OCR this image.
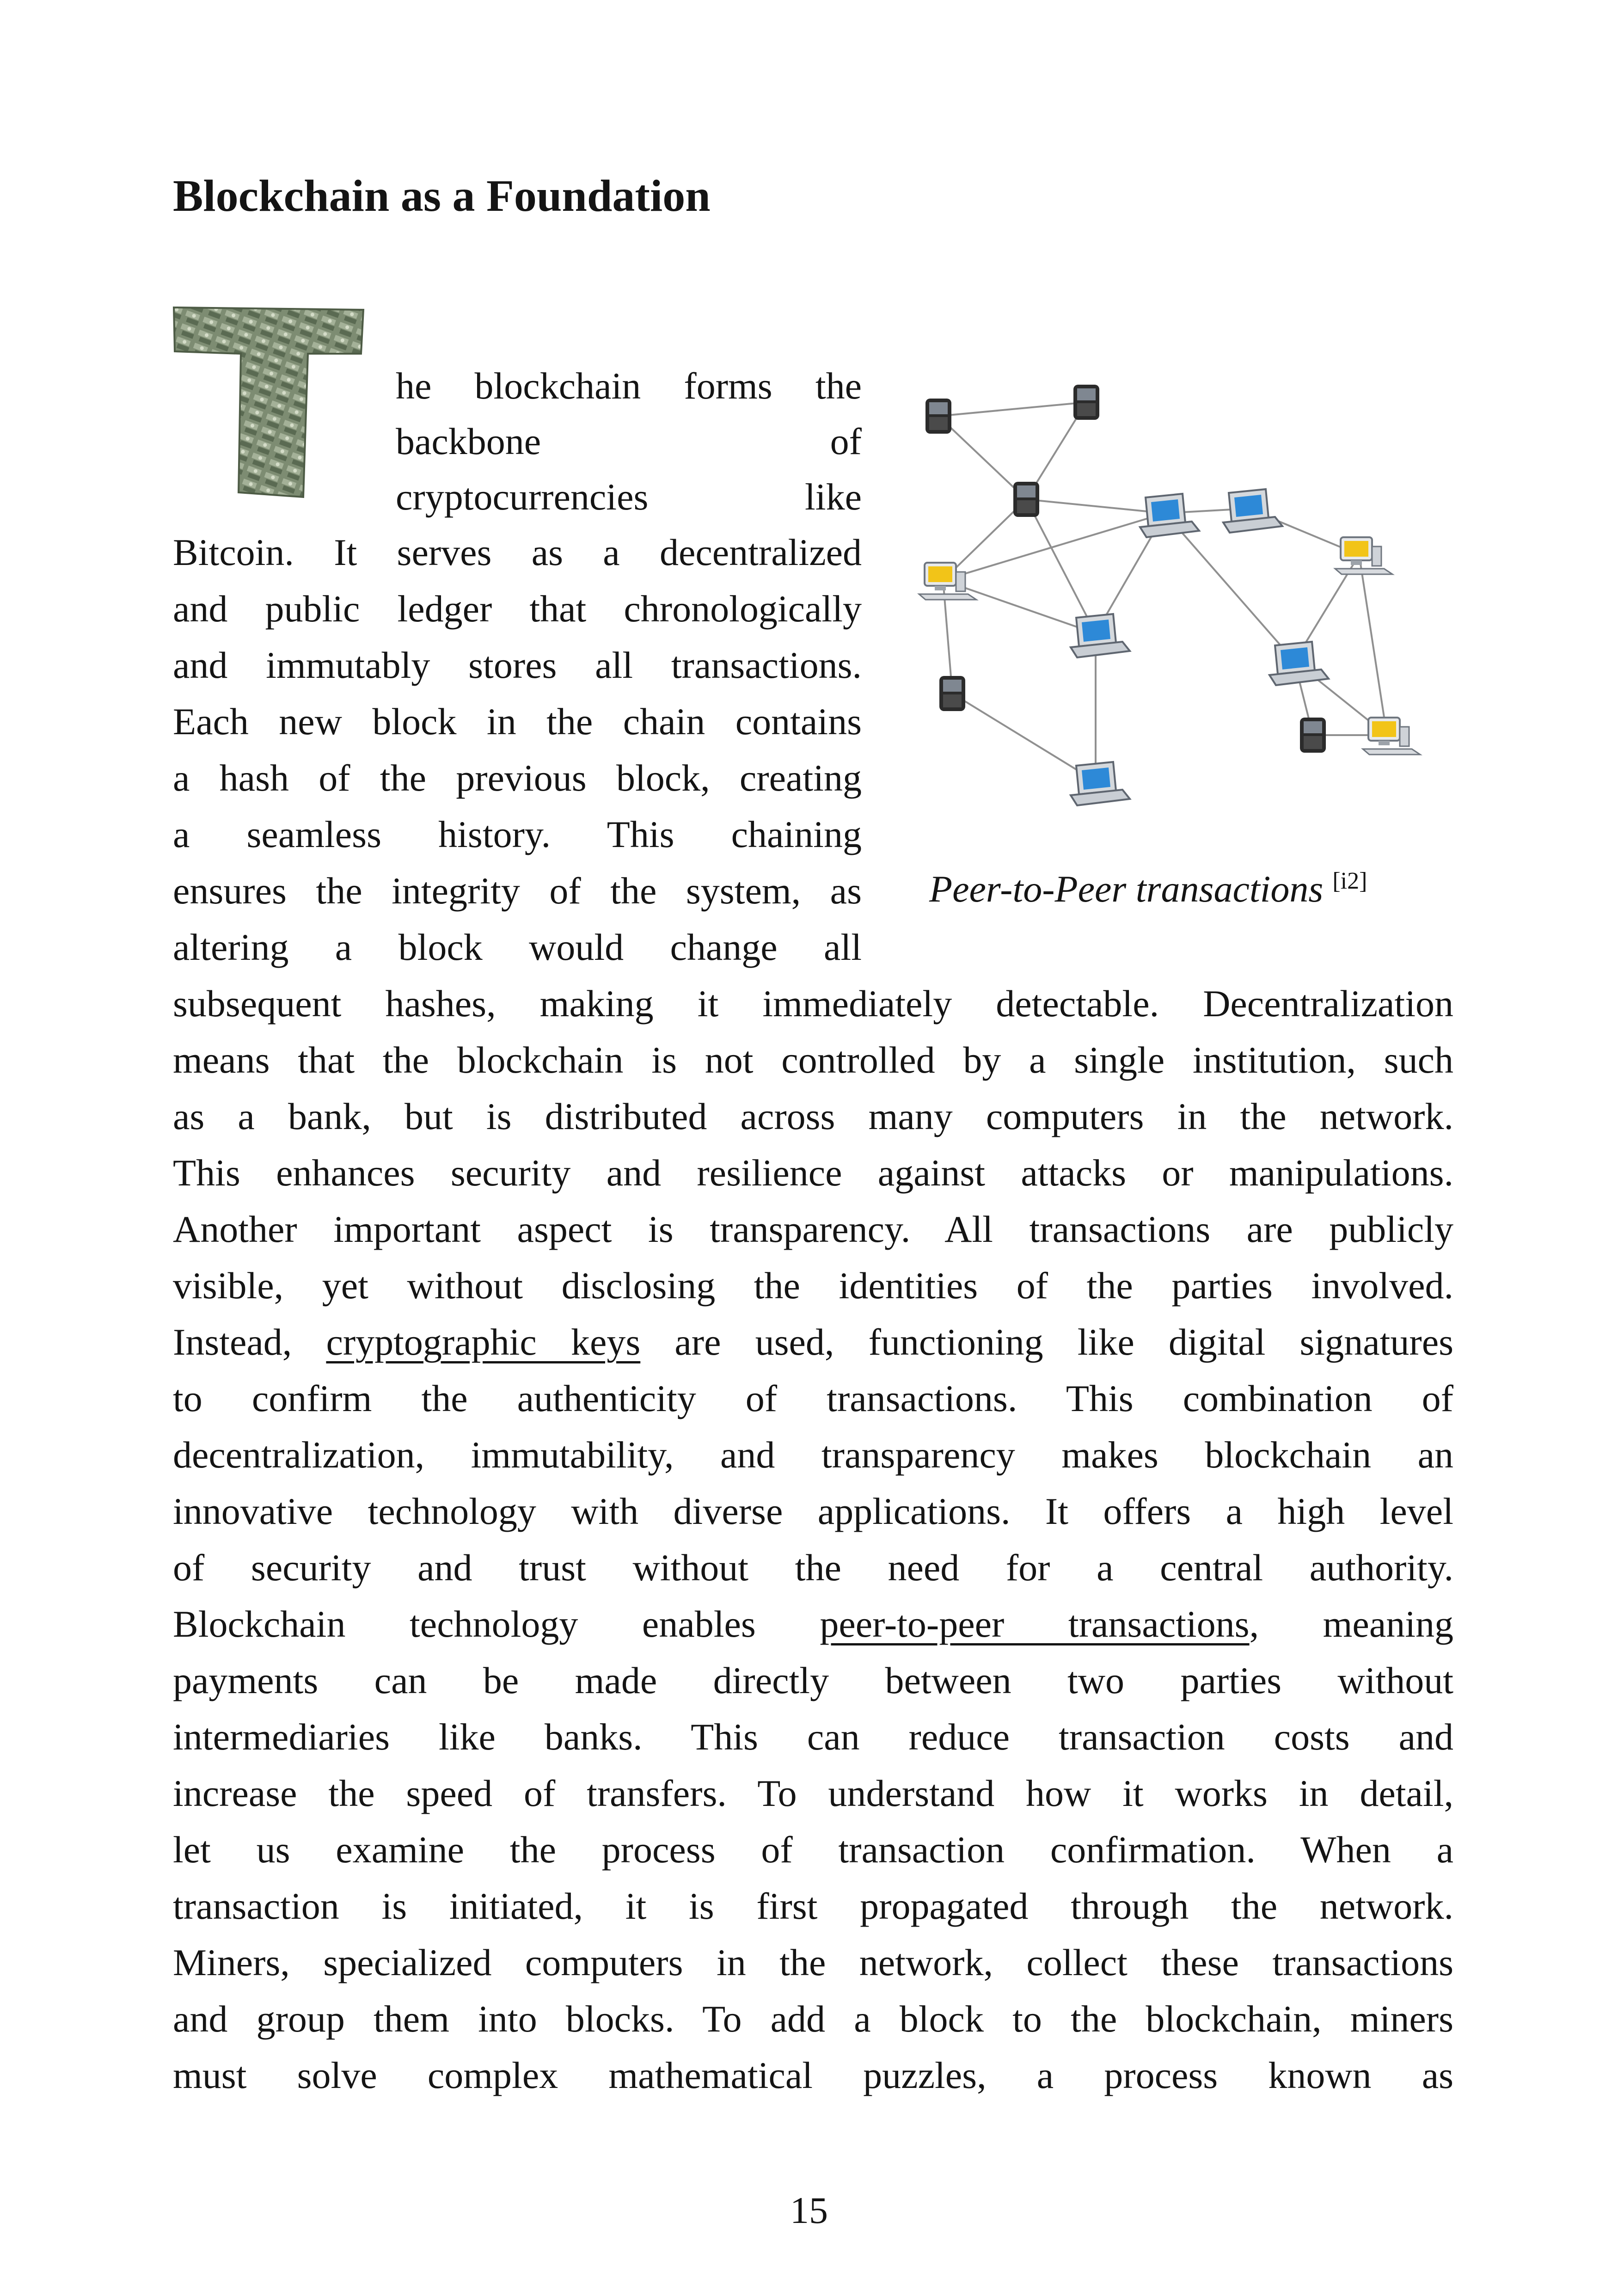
Blockchain as a Foundation
he blockchain forms the
backbone of
cryptocurrencies like
Bitcoin. It serves as a decentralized
and public ledger that chronologically
and immutably stores all transactions.
Each new block in the chain contains
a hash of the previous block, creating
a seamless history. This chaining
ensures the integrity of the system, as
altering a block would change all
subsequent hashes, making it immediately detectable. Decentralization
means that the blockchain is not controlled by a single institution, such
as a bank, but is distributed across many computers in the network.
This enhances security and resilience against attacks or manipulations.
Another important aspect is transparency. All transactions are publicly
visible, yet without disclosing the identities of the parties involved.
Instead, cryptographic keys are used, functioning like digital signatures
to confirm the authenticity of transactions. This combination of
decentralization, immutability, and transparency makes blockchain an
innovative technology with diverse applications. It offers a high level
of security and trust without the need for a central authority.
Blockchain technology enables peer-to-peer transactions, meaning
payments can be made directly between two parties without
intermediaries like banks. This can reduce transaction costs and
increase the speed of transfers. To understand how it works in detail,
let us examine the process of transaction confirmation. When a
transaction is initiated, it is first propagated through the network.
Miners, specialized computers in the network, collect these transactions
and group them into blocks. To add a block to the blockchain, miners
must solve complex mathematical puzzles, a process known as
Peer-to-Peer transactions [i2]
15
